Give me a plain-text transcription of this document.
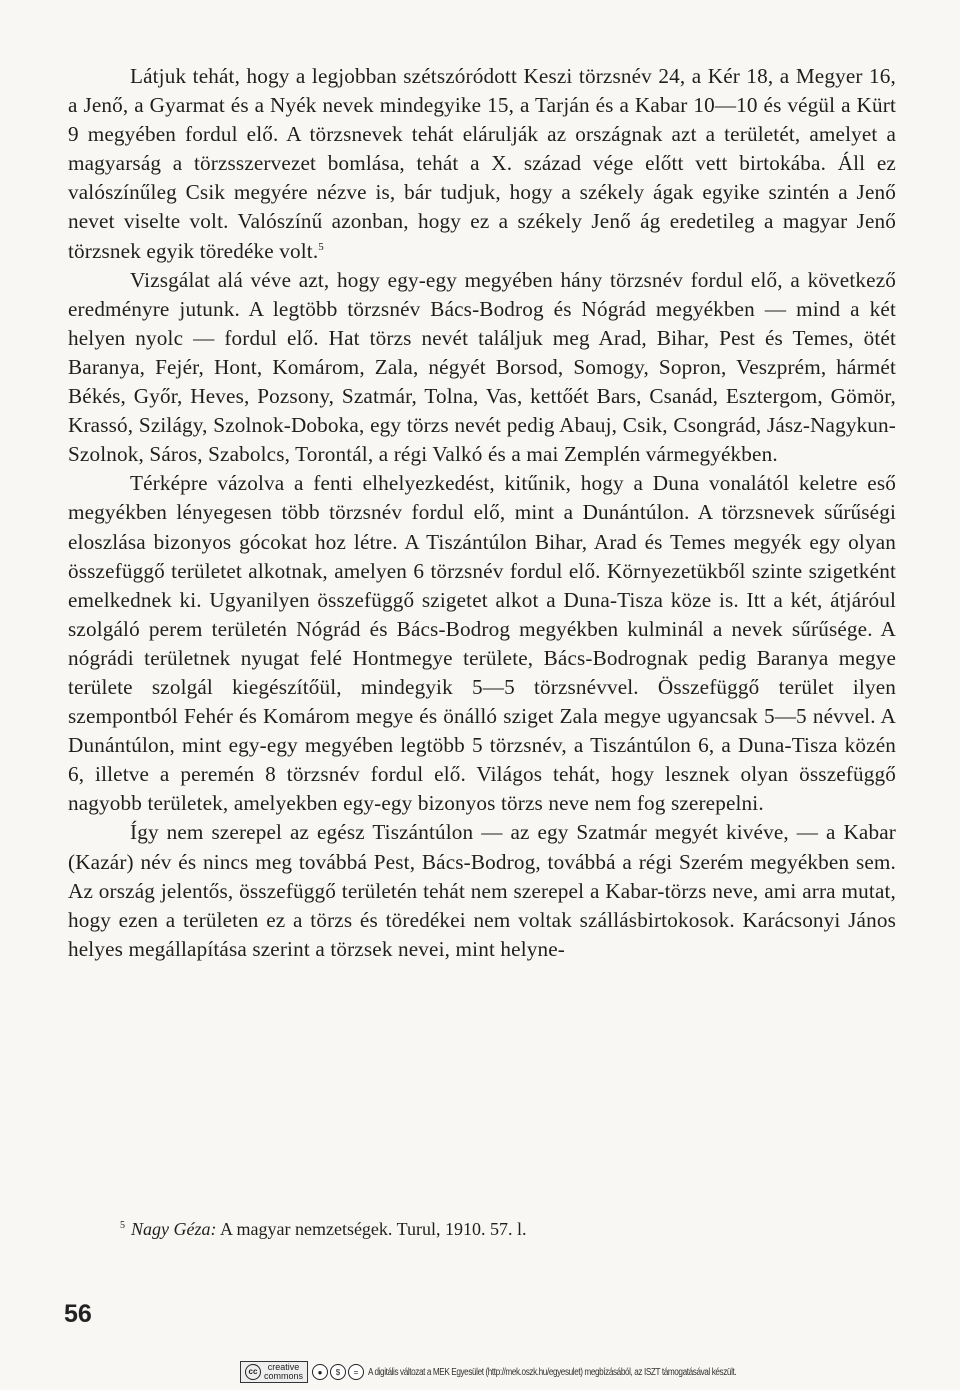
Látjuk tehát, hogy a legjobban szétszóródott Keszi törzsnév 24, a Kér 18, a Megyer 16, a Jenő, a Gyarmat és a Nyék nevek mindegyike 15, a Tarján és a Kabar 10—10 és végül a Kürt 9 megyében fordul elő. A törzsnevek tehát elárulják az országnak azt a területét, amelyet a magyarság a törzsszervezet bomlása, tehát a X. század vége előtt vett birtokába. Áll ez valószínűleg Csik megyére nézve is, bár tudjuk, hogy a székely ágak egyike szintén a Jenő nevet viselte volt. Valószínű azonban, hogy ez a székely Jenő ág eredetileg a magyar Jenő törzsnek egyik töredéke volt.$^5$

Vizsgálat alá véve azt, hogy egy-egy megyében hány törzsnév fordul elő, a következő eredményre jutunk. A legtöbb törzsnév Bács-Bodrog és Nógrád megyékben — mind a két helyen nyolc — fordul elő. Hat törzs nevét találjuk meg Arad, Bihar, Pest és Temes, ötét Baranya, Fejér, Hont, Komárom, Zala, négyét Borsod, Somogy, Sopron, Veszprém, hármét Békés, Győr, Heves, Pozsony, Szatmár, Tolna, Vas, kettőét Bars, Csanád, Esztergom, Gömör, Krassó, Szilágy, Szolnok-Doboka, egy törzs nevét pedig Abauj, Csik, Csongrád, Jász-Nagykun-Szolnok, Sáros, Szabolcs, Torontál, a régi Valkó és a mai Zemplén vármegyékben.

Térképre vázolva a fenti elhelyezkedést, kitűnik, hogy a Duna vonalától keletre eső megyékben lényegesen több törzsnév fordul elő, mint a Dunántúlon. A törzsnevek sűrűségi eloszlása bizonyos gócokat hoz létre. A Tiszántúlon Bihar, Arad és Temes megyék egy olyan összefüggő területet alkotnak, amelyen 6 törzsnév fordul elő. Környezetükből szinte szigetként emelkednek ki. Ugyanilyen összefüggő szigetet alkot a Duna-Tisza köze is. Itt a két, átjáróul szolgáló perem területén Nógrád és Bács-Bodrog megyékben kulminál a nevek sűrűsége. A nógrádi területnek nyugat felé Hontmegye területe, Bács-Bodrognak pedig Baranya megye területe szolgál kiegészítőül, mindegyik 5—5 törzsnévvel. Összefüggő terület ilyen szempontból Fehér és Komárom megye és önálló sziget Zala megye ugyancsak 5—5 névvel. A Dunántúlon, mint egy-egy megyében legtöbb 5 törzsnév, a Tiszántúlon 6, a Duna-Tisza közén 6, illetve a peremén 8 törzsnév fordul elő. Világos tehát, hogy lesznek olyan összefüggő nagyobb területek, amelyekben egy-egy bizonyos törzs neve nem fog szerepelni.

Így nem szerepel az egész Tiszántúlon — az egy Szatmár megyét kivéve, — a Kabar (Kazár) név és nincs meg továbbá Pest, Bács-Bodrog, továbbá a régi Szerém megyékben sem. Az ország jelentős, összefüggő területén tehát nem szerepel a Kabar-törzs neve, ami arra mutat, hogy ezen a területen ez a törzs és töredékei nem voltak szállásbirtokosok. Karácsonyi János helyes megállapítása szerint a törzsek nevei, mint helyne-

$^5$ Nagy Géza: A magyar nemzetségek. Turul, 1910. 57. l.
56
cc	creative
commons	●	$	= A digitális változat a MEK Egyesület (http://mek.oszk.hu/egyesulet) megbízásából, az ISZT támogatásával készült.
